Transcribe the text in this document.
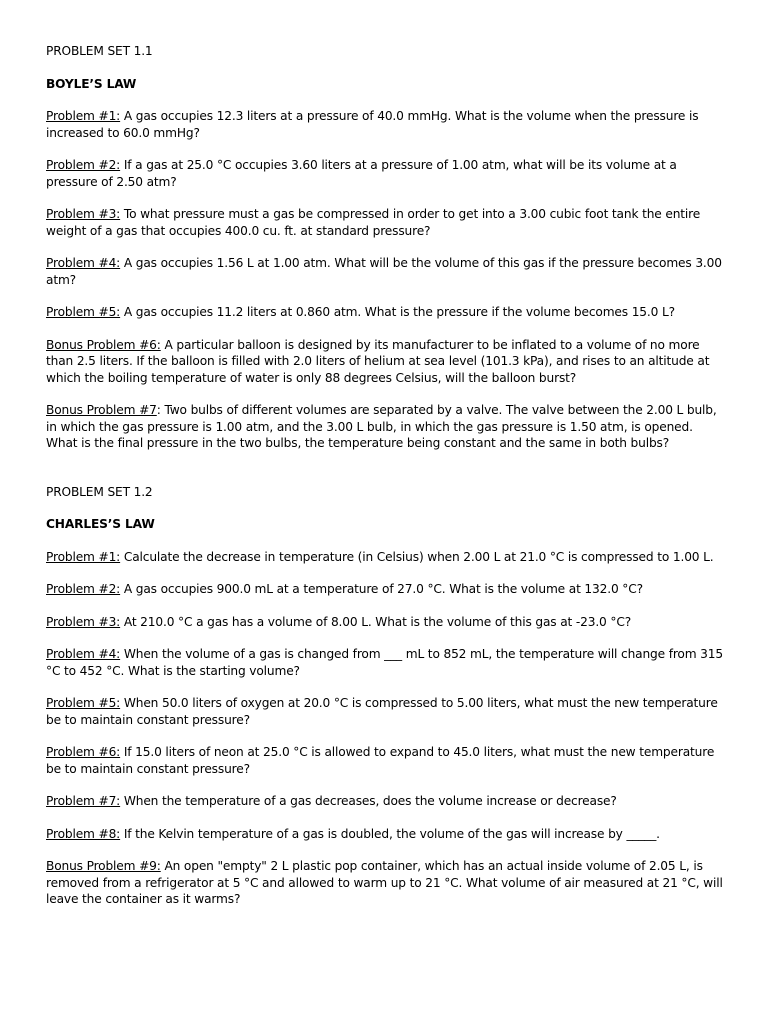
PROBLEM SET 1.1

BOYLE’S LAW

Problem #1: A gas occupies 12.3 liters at a pressure of 40.0 mmHg. What is the volume when the pressure is increased to 60.0 mmHg?

Problem #2: If a gas at 25.0 °C occupies 3.60 liters at a pressure of 1.00 atm, what will be its volume at a pressure of 2.50 atm?

Problem #3: To what pressure must a gas be compressed in order to get into a 3.00 cubic foot tank the entire weight of a gas that occupies 400.0 cu. ft. at standard pressure?

Problem #4: A gas occupies 1.56 L at 1.00 atm. What will be the volume of this gas if the pressure becomes 3.00 atm?

Problem #5: A gas occupies 11.2 liters at 0.860 atm. What is the pressure if the volume becomes 15.0 L?

Bonus Problem #6: A particular balloon is designed by its manufacturer to be inflated to a volume of no more than 2.5 liters. If the balloon is filled with 2.0 liters of helium at sea level (101.3 kPa), and rises to an altitude at which the boiling temperature of water is only 88 degrees Celsius, will the balloon burst?

Bonus Problem #7: Two bulbs of different volumes are separated by a valve. The valve between the 2.00 L bulb, in which the gas pressure is 1.00 atm, and the 3.00 L bulb, in which the gas pressure is 1.50 atm, is opened. What is the final pressure in the two bulbs, the temperature being constant and the same in both bulbs?

PROBLEM SET 1.2

CHARLES’S LAW

Problem #1: Calculate the decrease in temperature (in Celsius) when 2.00 L at 21.0 °C is compressed to 1.00 L.

Problem #2: A gas occupies 900.0 mL at a temperature of 27.0 °C. What is the volume at 132.0 °C?

Problem #3: At 210.0 °C a gas has a volume of 8.00 L. What is the volume of this gas at -23.0 °C?

Problem #4: When the volume of a gas is changed from ___ mL to 852 mL, the temperature will change from 315 °C to 452 °C. What is the starting volume?

Problem #5: When 50.0 liters of oxygen at 20.0 °C is compressed to 5.00 liters, what must the new temperature be to maintain constant pressure?

Problem #6: If 15.0 liters of neon at 25.0 °C is allowed to expand to 45.0 liters, what must the new temperature be to maintain constant pressure?

Problem #7: When the temperature of a gas decreases, does the volume increase or decrease?

Problem #8: If the Kelvin temperature of a gas is doubled, the volume of the gas will increase by _____.

Bonus Problem #9: An open "empty" 2 L plastic pop container, which has an actual inside volume of 2.05 L, is removed from a refrigerator at 5 °C and allowed to warm up to 21 °C. What volume of air measured at 21 °C, will leave the container as it warms?
